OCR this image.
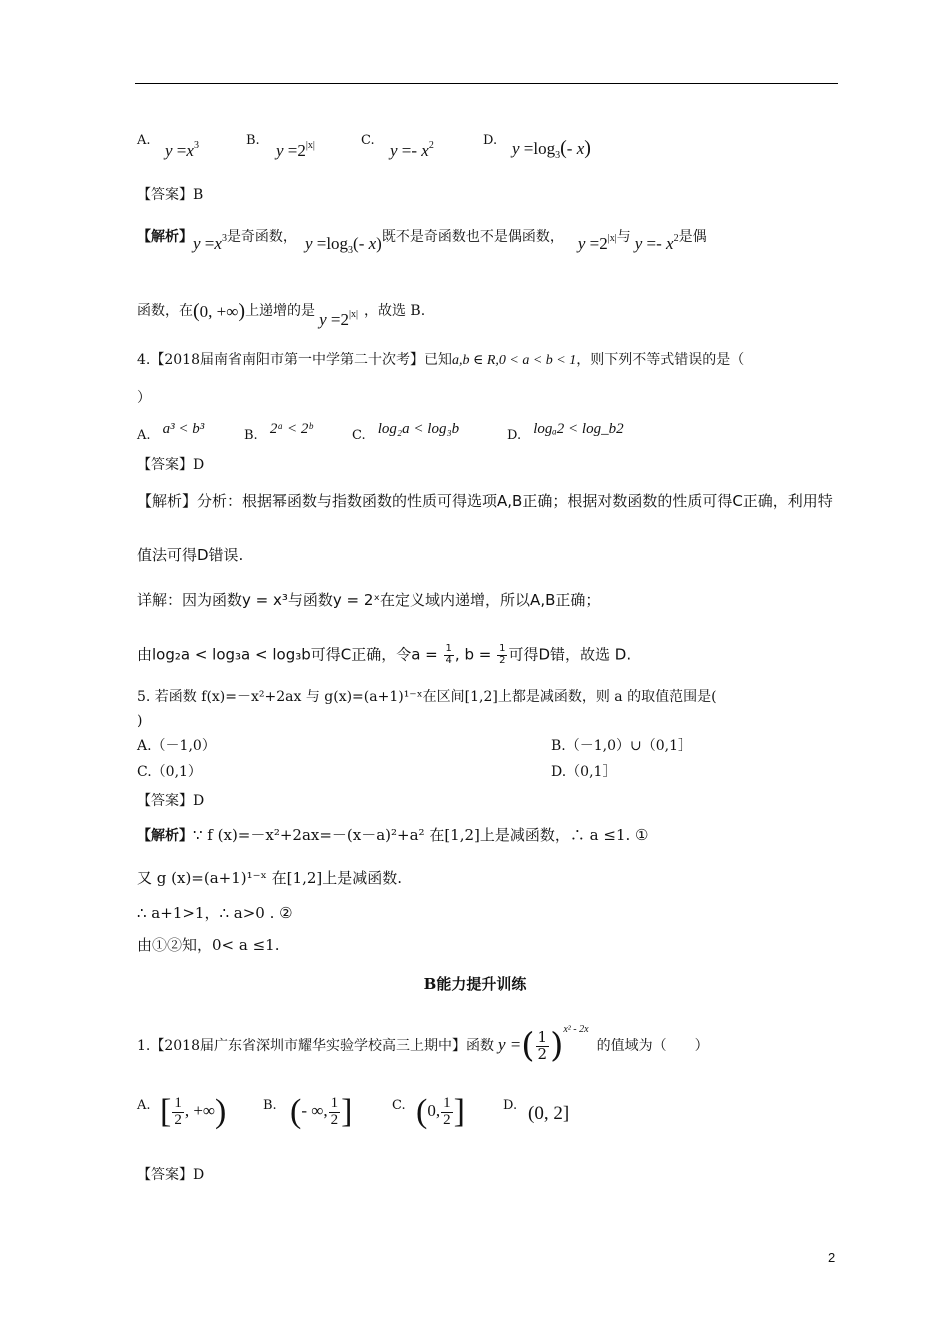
A.
$y =x^3$	B.
$y =2^{|x|}$	C.
$y =- x^2$	D. $y =\log_3(-$ x)
【答案】B
【解析】$y =x^3$是奇函数， $y =\log_3(-$ x)既不是奇函数也不是偶函数， $y =2^{|x|}$与 $y =- x^2$是偶
函数，在(0, +∞)上递增的是 $y =2^{|x|}$ ，故选 B.
4.【2018届南省南阳市第一中学第二十次考】已知a,b ∈ R,0 < a < b < 1，则下列不等式错误的是（
）
A. a³ < b³	B. 2ᵃ < 2ᵇ	C. log₂a < log₃b	D. logₐ2 < log_b2
【答案】D
【解析】分析：根据幂函数与指数函数的性质可得选项A,B正确；根据对数函数的性质可得C正确，利用特
值法可得D错误.
详解：因为函数y = x³与函数y = 2ˣ在定义域内递增，所以A,B正确；
由log₂a < log₃a < log₃b可得C正确，令$a = \frac{1}{4}$ , $b = \frac{1}{2}$ 可得D错，故选 D.
5. 若函数 f(x)=－x²+2ax 与 g(x)=(a+1)¹⁻ˣ在区间[1,2]上都是减函数，则 a 的取值范围是(
)
A.（－1,0）	B.（－1,0）∪（0,1］
C.（0,1）	D.（0,1］
【答案】D
【解析】∵ f (x)=－x²+2ax=－(x－a)²+a² 在[1,2]上是减函数，∴ a ≤1. ①
又 g (x)=(a+1)¹⁻ˣ 在[1,2]上是减函数.
∴ a+1>1，∴ a>0 . ②
由①②知，0< a ≤1.
B能力提升训练
1.【2018届广东省深圳市耀华实验学校高三上期中】函数 y =( $\frac{1}{2} )^{x^2 - 2x}$的值域为（　　）
A. [ $\frac{1}{2}$ , +∞)	B. (- ∞, $\frac{1}{2}$ ]	C. (0, $\frac{1}{2}$ ]	D. (0, 2]
【答案】D
2
